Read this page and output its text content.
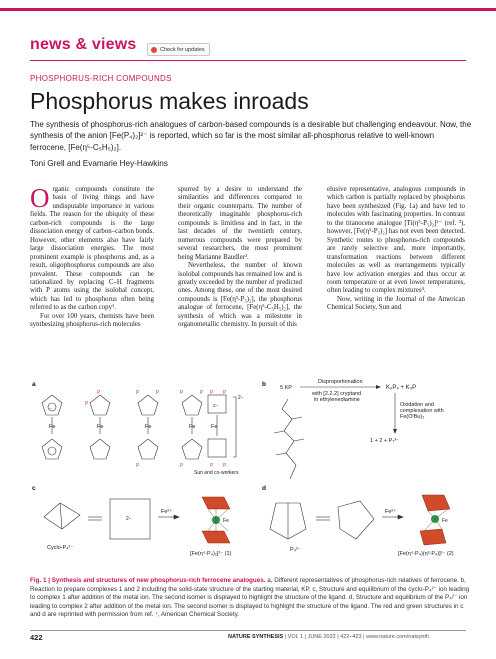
news & views	Check for updates
PHOSPHORUS-RICH COMPOUNDS
Phosphorus makes inroads
The synthesis of phosphorus-rich analogues of carbon-based compounds is a desirable but challenging endeavour. Now, the synthesis of the anion [Fe(P₄)₂]²⁻ is reported, which so far is the most similar all-phosphorus relative to well-known ferrocene, [Fe(η⁵-C₅H₅)₂].
Toni Grell and Evamarie Hey-Hawkins

Organic compounds constitute the basis of living things and have undisputable importance in various fields. The reason for the ubiquity of these carbon-rich compounds is the large dissociation energy of carbon–carbon bonds. However, other elements also have fairly large dissociation energies. The most prominent example is phosphorus and, as a result, oligophosphorus compounds are also prevalent. These compounds can be rationalized by replacing C–H fragments with P atoms using the isolobal concept, which has led to phosphorus often being referred to as the carbon copy¹.

For over 100 years, chemists have been synthesizing phosphorus-rich molecules

spurred by a desire to understand the similarities and differences compared to their organic counterparts. The number of theoretically imaginable phosphorus-rich compounds is limitless and in fact, in the last decades of the twentieth century, numerous compounds were prepared by several researchers, the most prominent being Marianne Baudler².

Nevertheless, the number of known isolobal compounds has remained low and is greatly exceeded by the number of predicted ones. Among these, one of the most desired compounds is [Fe(η⁵-P₅)₂], the phosphorus analogue of ferrocene, [Fe(η⁵-C₅H₅)₂], the synthesis of which was a milestone in organometallic chemistry. In pursuit of this

elusive representative, analogous compounds in which carbon is partially replaced by phosphorus have been synthesized (Fig. 1a) and have led to molecules with fascinating properties. In contrast to the titanocene analogue [Ti(η⁵-P₅)₂]²⁻ (ref. ³), however, [Fe(η⁵-P₅)₂] has not even been detected. Synthetic routes to phosphorus-rich compounds are rarely selective and, more importantly, transformation reactions between different molecules as well as rearrangements typically have low activation energies and thus occur at room temperature or at even lower temperatures, often leading to complex mixtures⁴.

Now, writing in the Journal of the American Chemical Society, Sun and

a
P
P
P	P	P	P P P
P P
P	P
Fe	Fe	Fe	Fe	Fe
−
2−
2−
Sun and co-workers
b	5 KP
Disproportionation
with [2.2.2] cryptand
in ethylenediamine
K₂P₄ + K₃P
Oxidation and
complexation with
Fe(OᵗBu)₂
1 + 2 + P₇³⁻
c
Cyclo-P₄²⁻
2−
Fe²⁺
Fe
[Fe(η⁴-P₄)₂]²⁻ (1)
d
P₄²⁻
Fe²⁺
Fe
[Fe(η⁴-P₄)(η³-P₄)]²⁻ (2)
Fig. 1 | Synthesis and structures of new phosphorus-rich ferrocene analogues. a, Different representatives of phosphorus-rich relatives of ferrocene. b, Reaction to prepare complexes 1 and 2 including the solid-state structure of the starting material, KP. c, Structure and equilibrium of the cyclo-P₄²⁻ ion leading to complex 1 after addition of the metal ion. The second isomer is displayed to highlight the structure of the ligand. d, Structure and equilibrium of the P₄²⁻ ion leading to complex 2 after addition of the metal ion. The second isomer is displayed to highlight the structure of the ligand. The red and green structures in c and d are reprinted with permission from ref. ⁷, American Chemical Society.
422	NATURE SYNTHESIS | VOL 1 | JUNE 2022 | 422–423 | www.nature.com/natsynth
